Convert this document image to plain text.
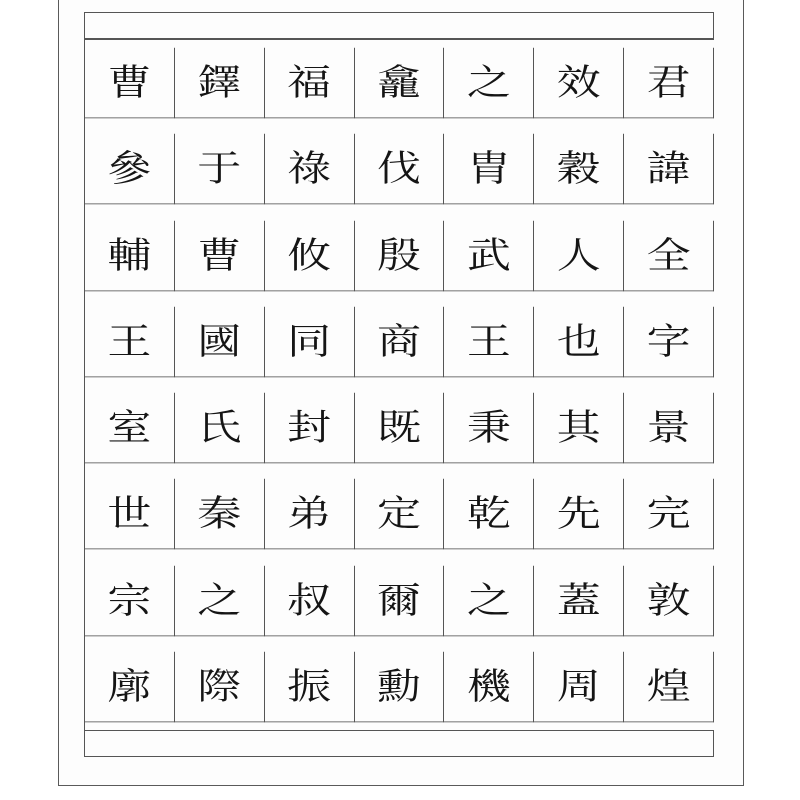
曹	鐸	福	龕	之	效	君
參	于	祿	伐	胄	穀	諱
輔	曹	攸	殷	武	人	全
王	國	同	商	王	也	字
室	氏	封	既	秉	其	景
世	秦	弟	定	乾	先	完
宗	之	叔	爾	之	蓋	敦
廓	際	振	勳	機	周	煌
